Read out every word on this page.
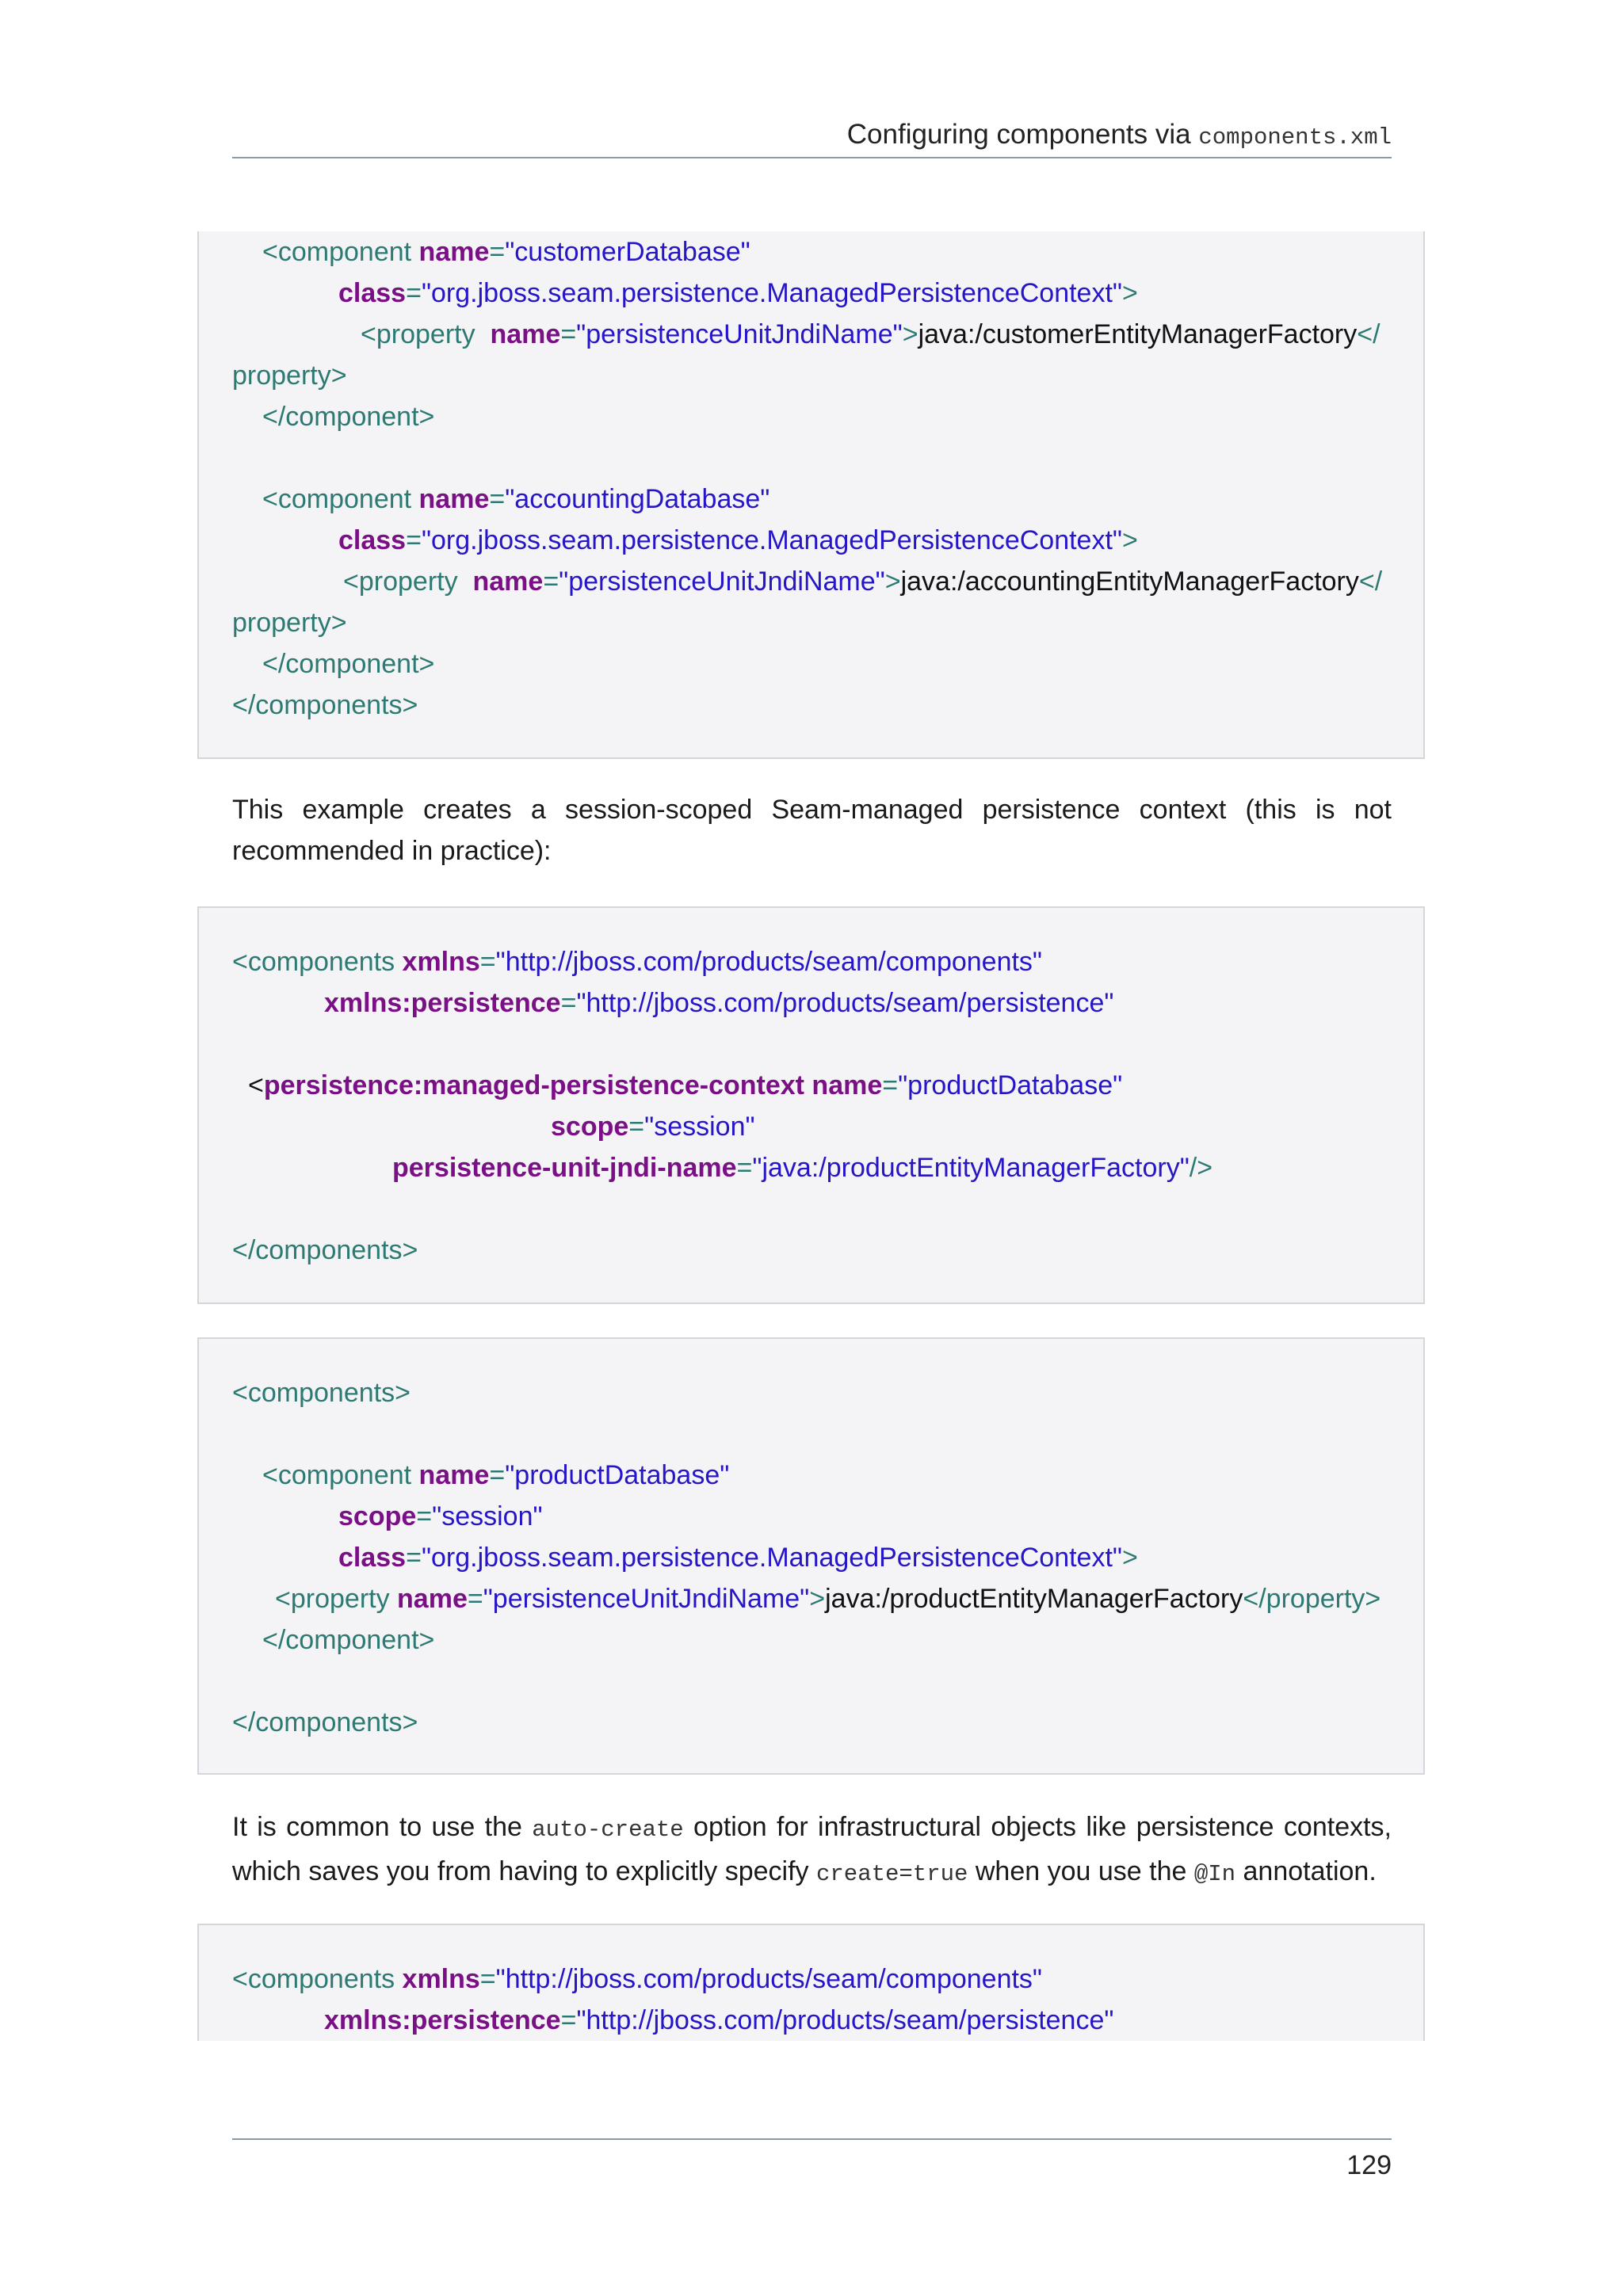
Configuring components via components.xml
<component name="customerDatabase"
class="org.jboss.seam.persistence.ManagedPersistenceContext">
<property  name="persistenceUnitJndiName">java:/customerEntityManagerFactory</
property>
</component>
<component name="accountingDatabase"
class="org.jboss.seam.persistence.ManagedPersistenceContext">
<property  name="persistenceUnitJndiName">java:/accountingEntityManagerFactory</
property>
</component>
</components>
This example creates a session-scoped Seam-managed persistence context (this is not recommended in practice):
<components xmlns="http://jboss.com/products/seam/components"
xmlns:persistence="http://jboss.com/products/seam/persistence"
<persistence:managed-persistence-context name="productDatabase"
scope="session"
persistence-unit-jndi-name="java:/productEntityManagerFactory"/>
</components>
<components>
<component name="productDatabase"
scope="session"
class="org.jboss.seam.persistence.ManagedPersistenceContext">
<property name="persistenceUnitJndiName">java:/productEntityManagerFactory</property>
</component>
</components>
It is common to use the auto-create option for infrastructural objects like persistence contexts, which saves you from having to explicitly specify create=true when you use the @In annotation.
<components xmlns="http://jboss.com/products/seam/components"
xmlns:persistence="http://jboss.com/products/seam/persistence"
129
